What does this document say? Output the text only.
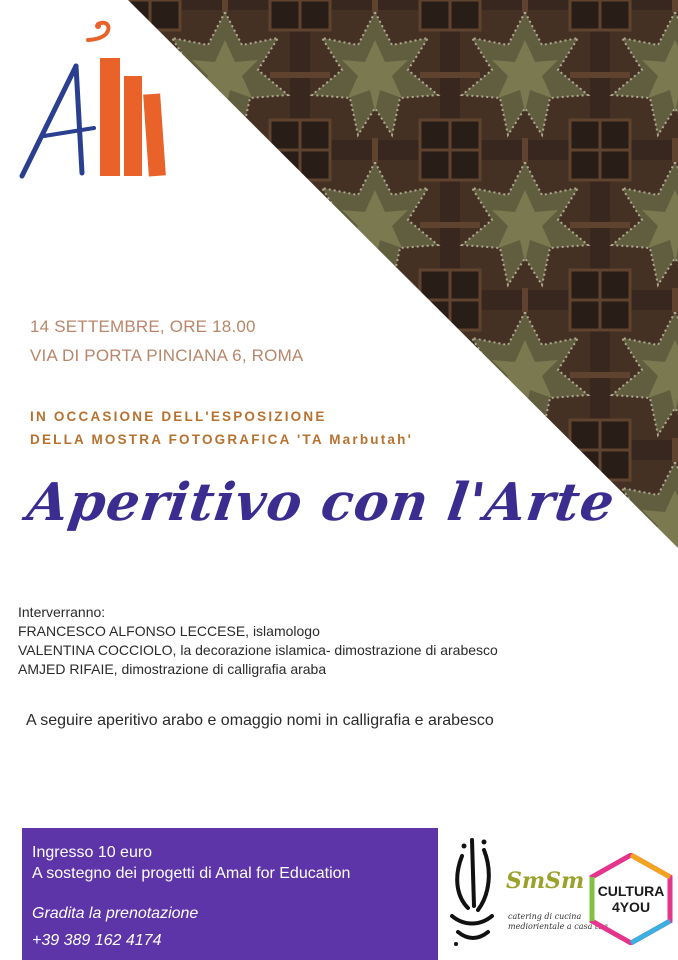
14 SETTEMBRE, ORE 18.00
VIA DI PORTA PINCIANA 6, ROMA
IN OCCASIONE DELL'ESPOSIZIONE
DELLA MOSTRA FOTOGRAFICA 'TA Marbutah'
Aperitivo con l'Arte
Interverranno:
FRANCESCO ALFONSO LECCESE, islamologo
VALENTINA COCCIOLO, la decorazione islamica- dimostrazione di arabesco
AMJED RIFAIE, dimostrazione di calligrafia araba
A seguire aperitivo arabo e omaggio nomi in calligrafia e arabesco
Ingresso 10 euro
A sostegno dei progetti di Amal for Education
Gradita la prenotazione
+39 389 162 4174
SmSm
catering di cucina
mediorientale a casa tua
CULTURA
4YOU
